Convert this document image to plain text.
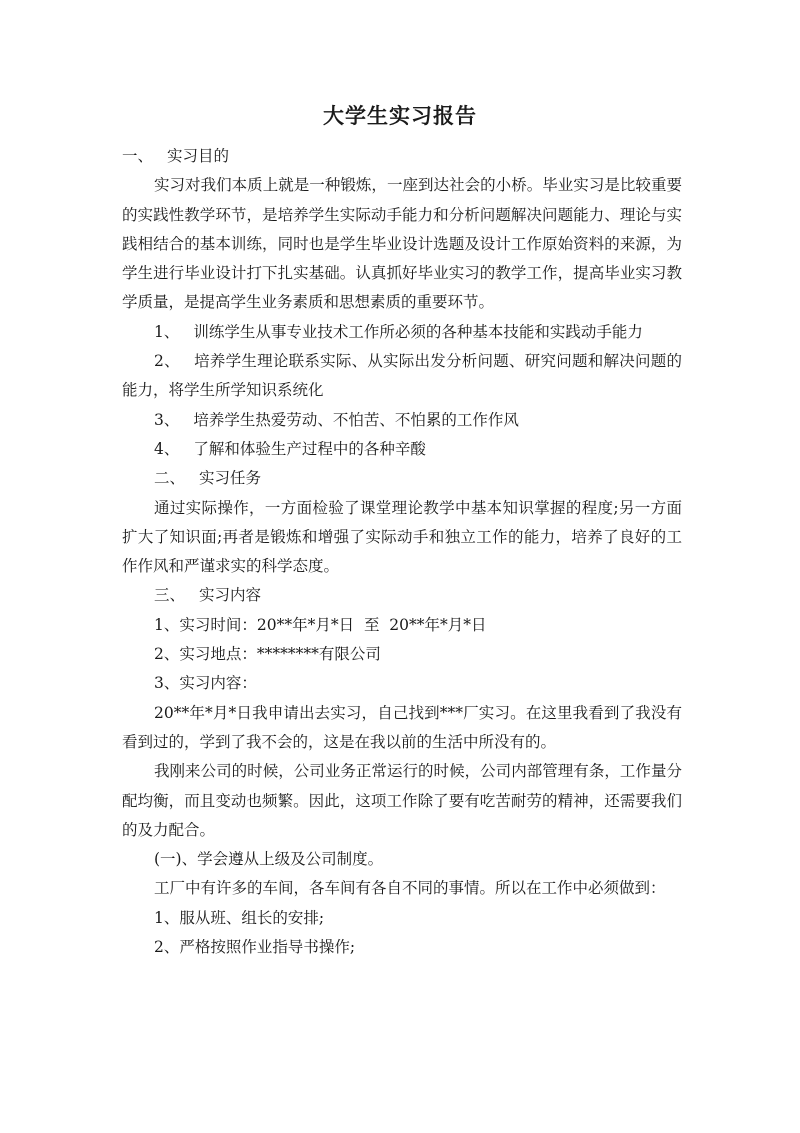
大学生实习报告

一、 实习目的

实习对我们本质上就是一种锻炼，一座到达社会的小桥。毕业实习是比较重要的实践性教学环节，是培养学生实际动手能力和分析问题解决问题能力、理论与实践相结合的基本训练，同时也是学生毕业设计选题及设计工作原始资料的来源，为学生进行毕业设计打下扎实基础。认真抓好毕业实习的教学工作，提高毕业实习教学质量，是提高学生业务素质和思想素质的重要环节。

1、 训练学生从事专业技术工作所必须的各种基本技能和实践动手能力

2、 培养学生理论联系实际、从实际出发分析问题、研究问题和解决问题的能力，将学生所学知识系统化

3、 培养学生热爱劳动、不怕苦、不怕累的工作作风

4、 了解和体验生产过程中的各种辛酸

二、 实习任务

通过实际操作，一方面检验了课堂理论教学中基本知识掌握的程度;另一方面扩大了知识面;再者是锻炼和增强了实际动手和独立工作的能力，培养了良好的工作作风和严谨求实的科学态度。

三、 实习内容

1、实习时间：20**年*月*日  至  20**年*月*日

2、实习地点：********有限公司

3、实习内容：

20**年*月*日我申请出去实习，自己找到***厂实习。在这里我看到了我没有看到过的，学到了我不会的，这是在我以前的生活中所没有的。

我刚来公司的时候，公司业务正常运行的时候，公司内部管理有条，工作量分配均衡，而且变动也频繁。因此，这项工作除了要有吃苦耐劳的精神，还需要我们的及力配合。

(一)、学会遵从上级及公司制度。

工厂中有许多的车间，各车间有各自不同的事情。所以在工作中必须做到：

1、服从班、组长的安排;

2、严格按照作业指导书操作;
